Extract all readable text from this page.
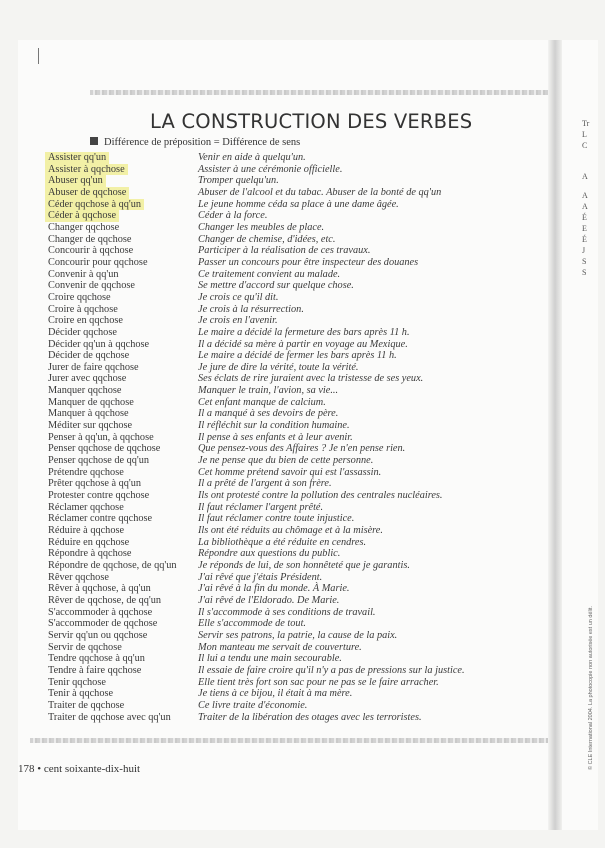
LA CONSTRUCTION DES VERBES
Différence de préposition = Différence de sens
Assister qq'un	Venir en aide à quelqu'un.
Assister à qqchose	Assister à une cérémonie officielle.
Abuser qq'un	Tromper quelqu'un.
Abuser de qqchose	Abuser de l'alcool et du tabac. Abuser de la bonté de qq'un
Céder qqchose à qq'un	Le jeune homme céda sa place à une dame âgée.
Céder à qqchose	Céder à la force.
Changer qqchose	Changer les meubles de place.
Changer de qqchose	Changer de chemise, d'idées, etc.
Concourir à qqchose	Participer à la réalisation de ces travaux.
Concourir pour qqchose	Passer un concours pour être inspecteur des douanes
Convenir à qq'un	Ce traitement convient au malade.
Convenir de qqchose	Se mettre d'accord sur quelque chose.
Croire qqchose	Je crois ce qu'il dit.
Croire à qqchose	Je crois à la résurrection.
Croire en qqchose	Je crois en l'avenir.
Décider qqchose	Le maire a décidé la fermeture des bars après 11 h.
Décider qq'un à qqchose	Il a décidé sa mère à partir en voyage au Mexique.
Décider de qqchose	Le maire a décidé de fermer les bars après 11 h.
Jurer de faire qqchose	Je jure de dire la vérité, toute la vérité.
Jurer avec qqchose	Ses éclats de rire juraient avec la tristesse de ses yeux.
Manquer qqchose	Manquer le train, l'avion, sa vie...
Manquer de qqchose	Cet enfant manque de calcium.
Manquer à qqchose	Il a manqué à ses devoirs de père.
Méditer sur qqchose	Il réfléchit sur la condition humaine.
Penser à qq'un, à qqchose	Il pense à ses enfants et à leur avenir.
Penser qqchose de qqchose	Que pensez-vous des Affaires ? Je n'en pense rien.
Penser qqchose de qq'un	Je ne pense que du bien de cette personne.
Prétendre qqchose	Cet homme prétend savoir qui est l'assassin.
Prêter qqchose à qq'un	Il a prêté de l'argent à son frère.
Protester contre qqchose	Ils ont protesté contre la pollution des centrales nucléaires.
Réclamer qqchose	Il faut réclamer l'argent prêté.
Réclamer contre qqchose	Il faut réclamer contre toute injustice.
Réduire à qqchose	Ils ont été réduits au chômage et à la misère.
Réduire en qqchose	La bibliothèque a été réduite en cendres.
Répondre à qqchose	Répondre aux questions du public.
Répondre de qqchose, de qq'un Je réponds de lui, de son honnêteté que je garantis.
Rêver qqchose	J'ai rêvé que j'étais Président.
Rêver à qqchose, à qq'un	J'ai rêvé à la fin du monde. À Marie.
Rêver de qqchose, de qq'un	J'ai rêvé de l'Eldorado. De Marie.
S'accommoder à qqchose	Il s'accommode à ses conditions de travail.
S'accommoder de qqchose	Elle s'accommode de tout.
Servir qq'un ou qqchose	Servir ses patrons, la patrie, la cause de la paix.
Servir de qqchose	Mon manteau me servait de couverture.
Tendre qqchose à qq'un	Il lui a tendu une main secourable.
Tendre à faire qqchose	Il essaie de faire croire qu'il n'y a pas de pressions sur la justice.
Tenir qqchose	Elle tient très fort son sac pour ne pas se le faire arracher.
Tenir à qqchose	Je tiens à ce bijou, il était à ma mère.
Traiter de qqchose	Ce livre traite d'économie.
Traiter de qqchose avec qq'un	Traiter de la libération des otages avec les terroristes.
178 • cent soixante-dix-huit
Tr
L
C
A
A
A
É
E
É
J
S
S
© CLE International 2004. La photocopie non autorisée est un délit.
